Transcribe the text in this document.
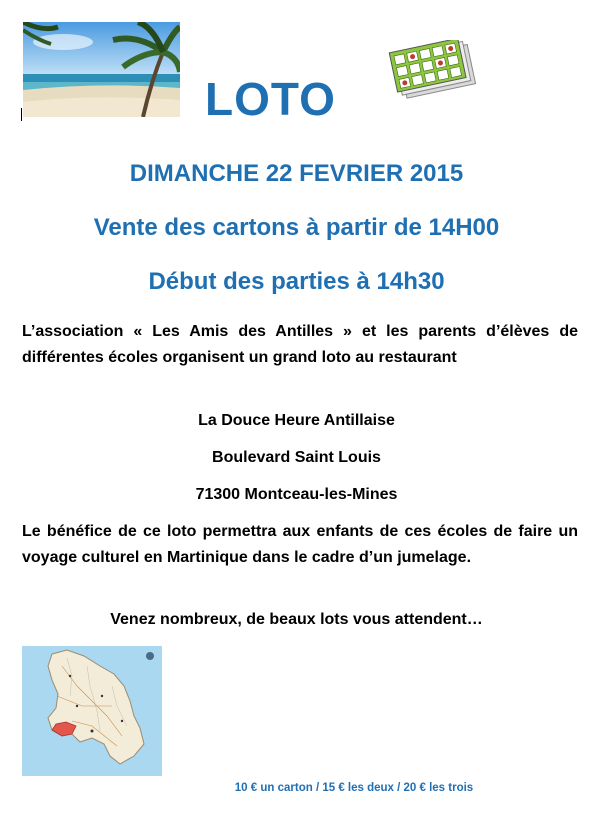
LOTO
DIMANCHE 22 FEVRIER 2015
Vente des cartons à partir de 14H00
Début des parties à 14h30
L’association « Les Amis des Antilles » et les parents d’élèves de différentes écoles organisent un grand loto au restaurant
La Douce Heure Antillaise
Boulevard Saint Louis
71300 Montceau-les-Mines
Le bénéfice de ce loto permettra aux enfants de ces écoles de faire un voyage culturel en Martinique dans le cadre d’un jumelage.
Venez nombreux, de beaux lots vous attendent…
10 € un carton / 15 € les deux / 20 € les trois
